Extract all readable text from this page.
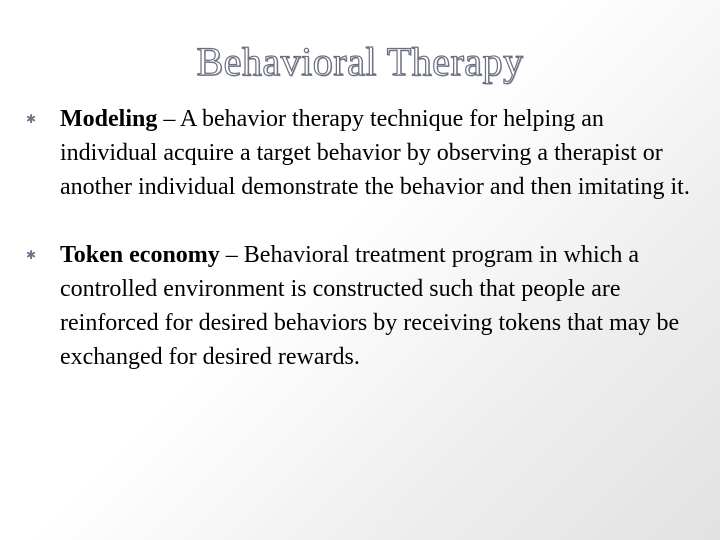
Behavioral Therapy
✱ Modeling – A behavior therapy technique for helping an individual acquire a target behavior by observing a therapist or another individual demonstrate the behavior and then imitating it.
✱ Token economy – Behavioral treatment program in which a controlled environment is constructed such that people are reinforced for desired behaviors by receiving tokens that may be exchanged for desired rewards.
